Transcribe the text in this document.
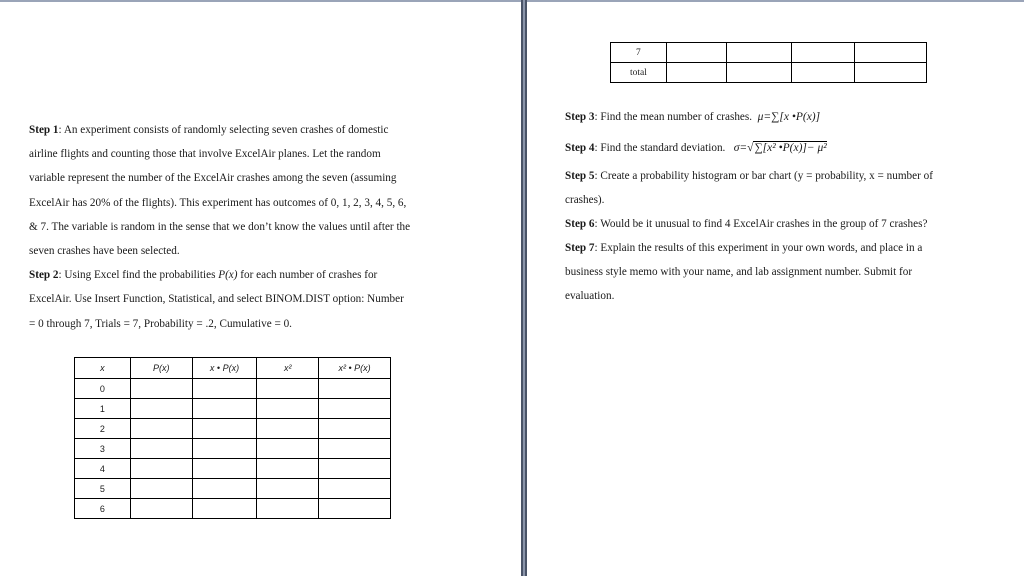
Step 1: An experiment consists of randomly selecting seven crashes of domestic
airline flights and counting those that involve ExcelAir planes. Let the random
variable represent the number of the ExcelAir crashes among the seven (assuming
ExcelAir has 20% of the flights). This experiment has outcomes of 0, 1, 2, 3, 4, 5, 6,
& 7. The variable is random in the sense that we don’t know the values until after the
seven crashes have been selected.
Step 2: Using Excel find the probabilities P(x) for each number of crashes for
ExcelAir. Use Insert Function, Statistical, and select BINOM.DIST option: Number
= 0 through 7, Trials = 7, Probability = .2, Cumulative = 0.
x	P(x)	x • P(x)	x²	x² • P(x)
0				
1				
2				
3				
4				
5				
6				
7				
total				
Step 3: Find the mean number of crashes. μ=∑[x •P(x)]
Step 4: Find the standard deviation. σ=√∑[x² •P(x)]− μ²
Step 5: Create a probability histogram or bar chart (y = probability, x = number of
crashes).
Step 6: Would be it unusual to find 4 ExcelAir crashes in the group of 7 crashes?
Step 7: Explain the results of this experiment in your own words, and place in a
business style memo with your name, and lab assignment number. Submit for
evaluation.
